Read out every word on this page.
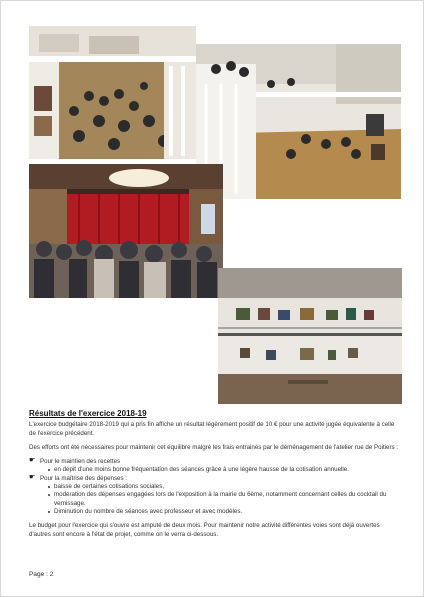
Résultats de l'exercice 2018-19

L'exercice budgétaire 2018-2019 qui a pris fin affiche un résultat légèrement positif de 10 € pour une activité jugée équivalente à celle de l'exercice précédent.

Des efforts ont été nécessaires pour maintenir cet équilibre malgré les frais entrainés par le déménagement de l'atelier rue de Poitiers :

☛ Pour le maintien des recettes
en dépit d'une moins bonne fréquentation des séances grâce à une légère hausse de la cotisation annuelle.
☛ Pour la maîtrise des dépenses :
baisse de certaines cotisations sociales,
modération des dépenses engagées lors de l'exposition à la mairie du 6ème, notamment concernant celles du cocktail du vernissage.
Diminution du nombre de séances avec professeur et avec modèles.

Le budget pour l'exercice qui s'ouvre est amputé de deux mois. Pour maintenir notre activité différentes voies sont déjà ouvertes d'autres sont encore à l'état de projet, comme on le verra ci-dessous.

Page : 2
